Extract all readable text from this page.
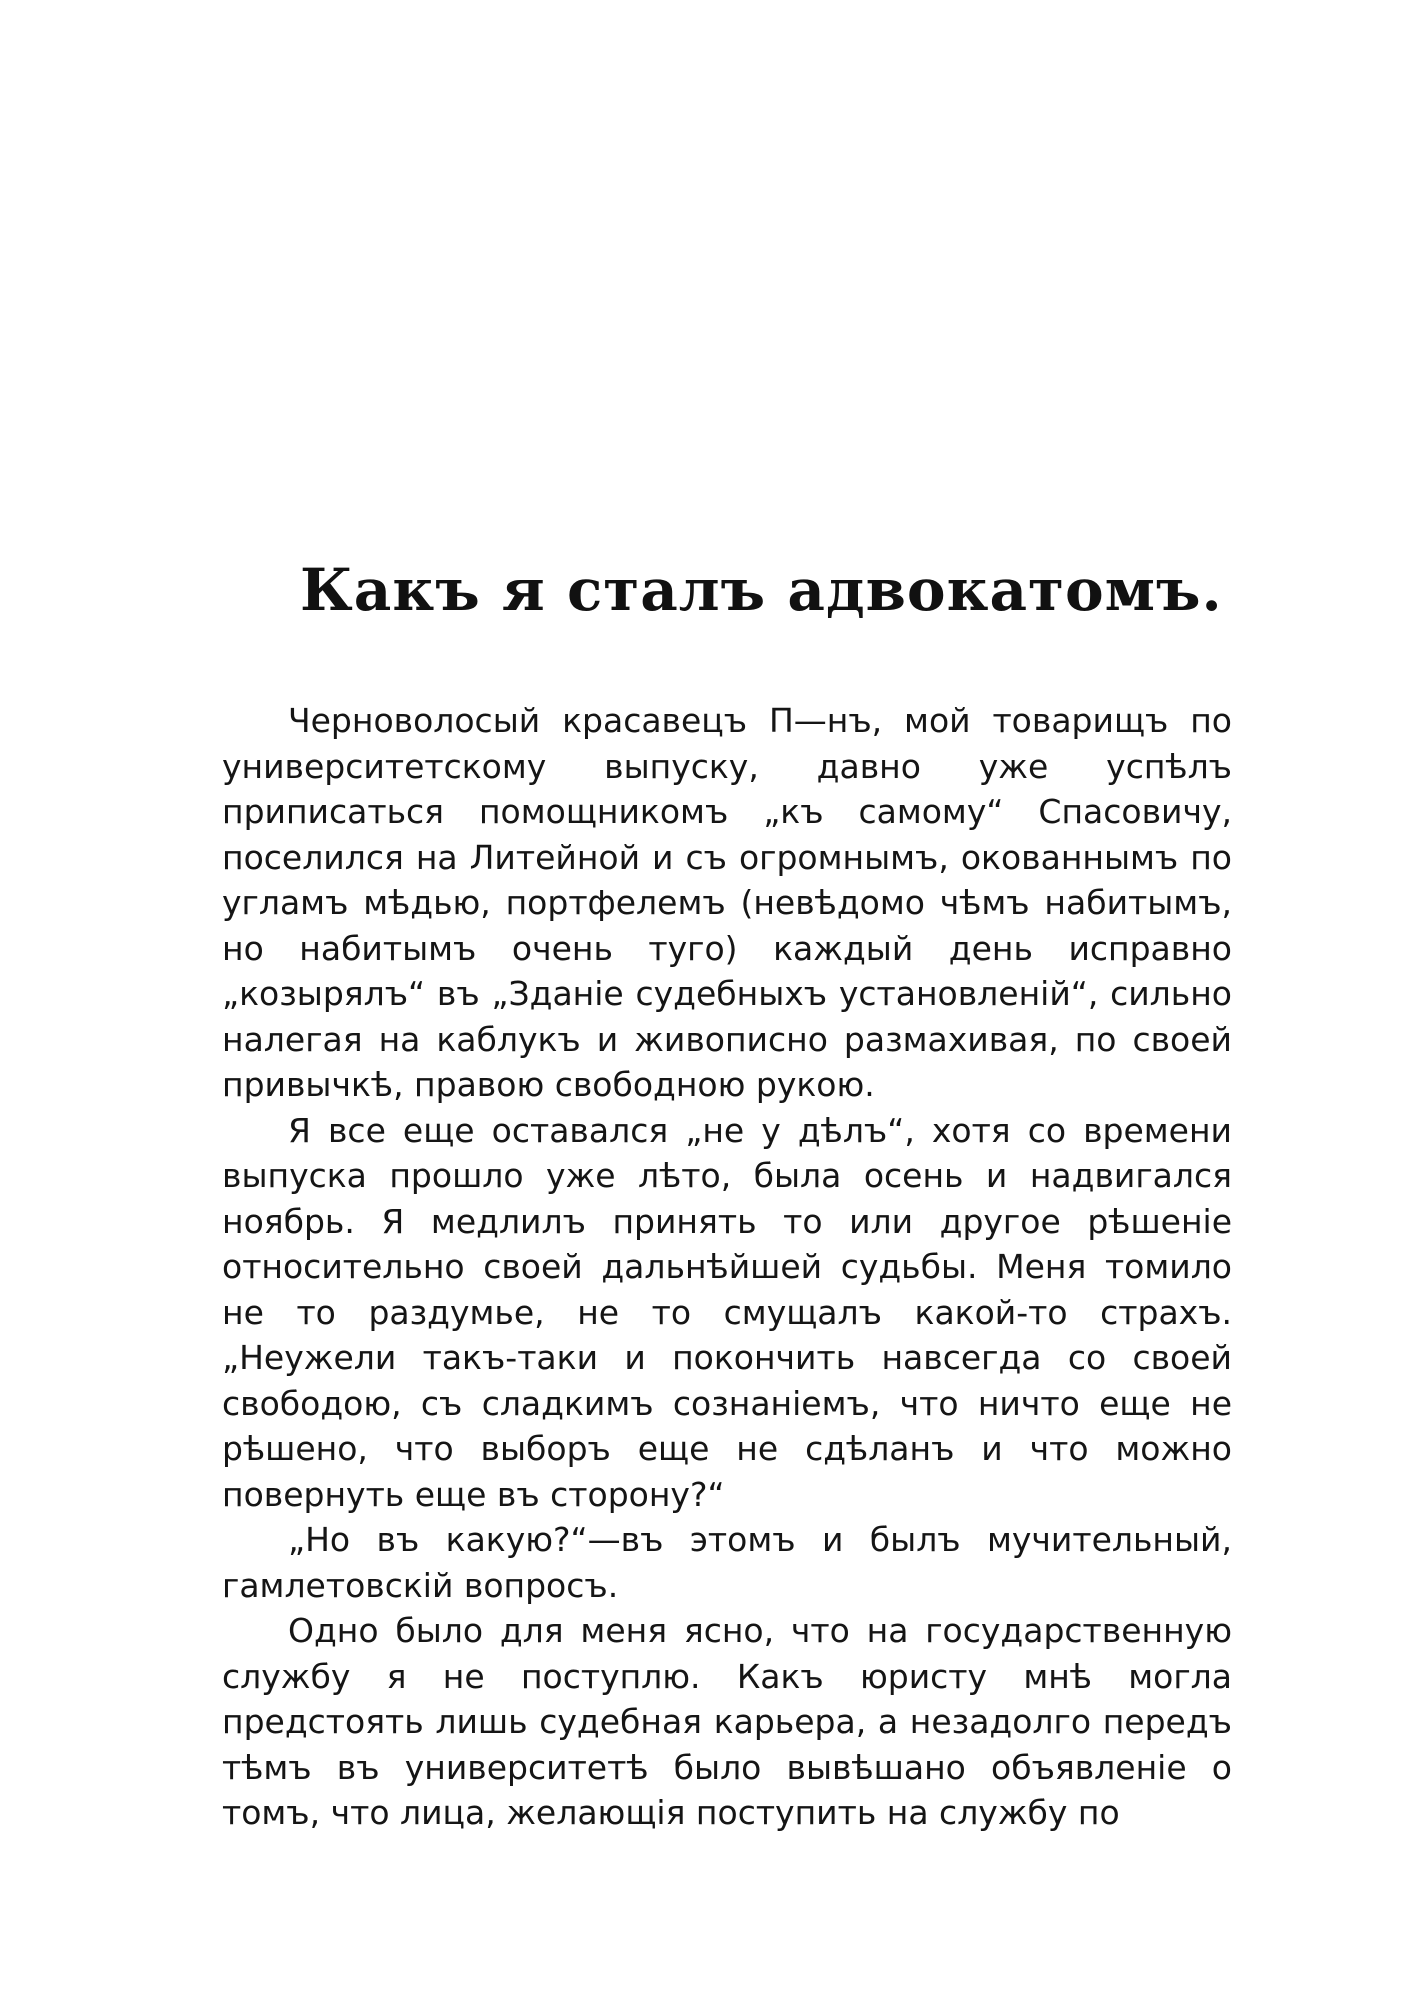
Какъ я сталъ адвокатомъ.

Черноволосый красавецъ П—нъ, мой товарищъ по университетскому выпуску, давно уже успѣлъ приписаться помощникомъ „къ самому“ Спасовичу, поселился на Литейной и съ огромнымъ, окованнымъ по угламъ мѣдью, портфелемъ (невѣдомо чѣмъ набитымъ, но набитымъ очень туго) каждый день исправно „козырялъ“ въ „Зданіе судебныхъ установленій“, сильно налегая на каблукъ и живописно размахивая, по своей привычкѣ, правою свободною рукою.

Я все еще оставался „не у дѣлъ“, хотя со времени выпуска прошло уже лѣто, была осень и надвигался ноябрь. Я медлилъ принять то или другое рѣшеніе относительно своей дальнѣйшей судьбы. Меня томило не то раздумье, не то смущалъ какой-то страхъ. „Неужели такъ-таки и покончить навсегда со своей свободою, съ сладкимъ сознаніемъ, что ничто еще не рѣшено, что выборъ еще не сдѣланъ и что можно повернуть еще въ сторону?“

„Но въ какую?“—въ этомъ и былъ мучительный, гамлетовскій вопросъ.

Одно было для меня ясно, что на государственную службу я не поступлю. Какъ юристу мнѣ могла предстоять лишь судебная карьера, а незадолго передъ тѣмъ въ университетѣ было вывѣшано объявленіе о томъ, что лица, желающія поступить на службу по
